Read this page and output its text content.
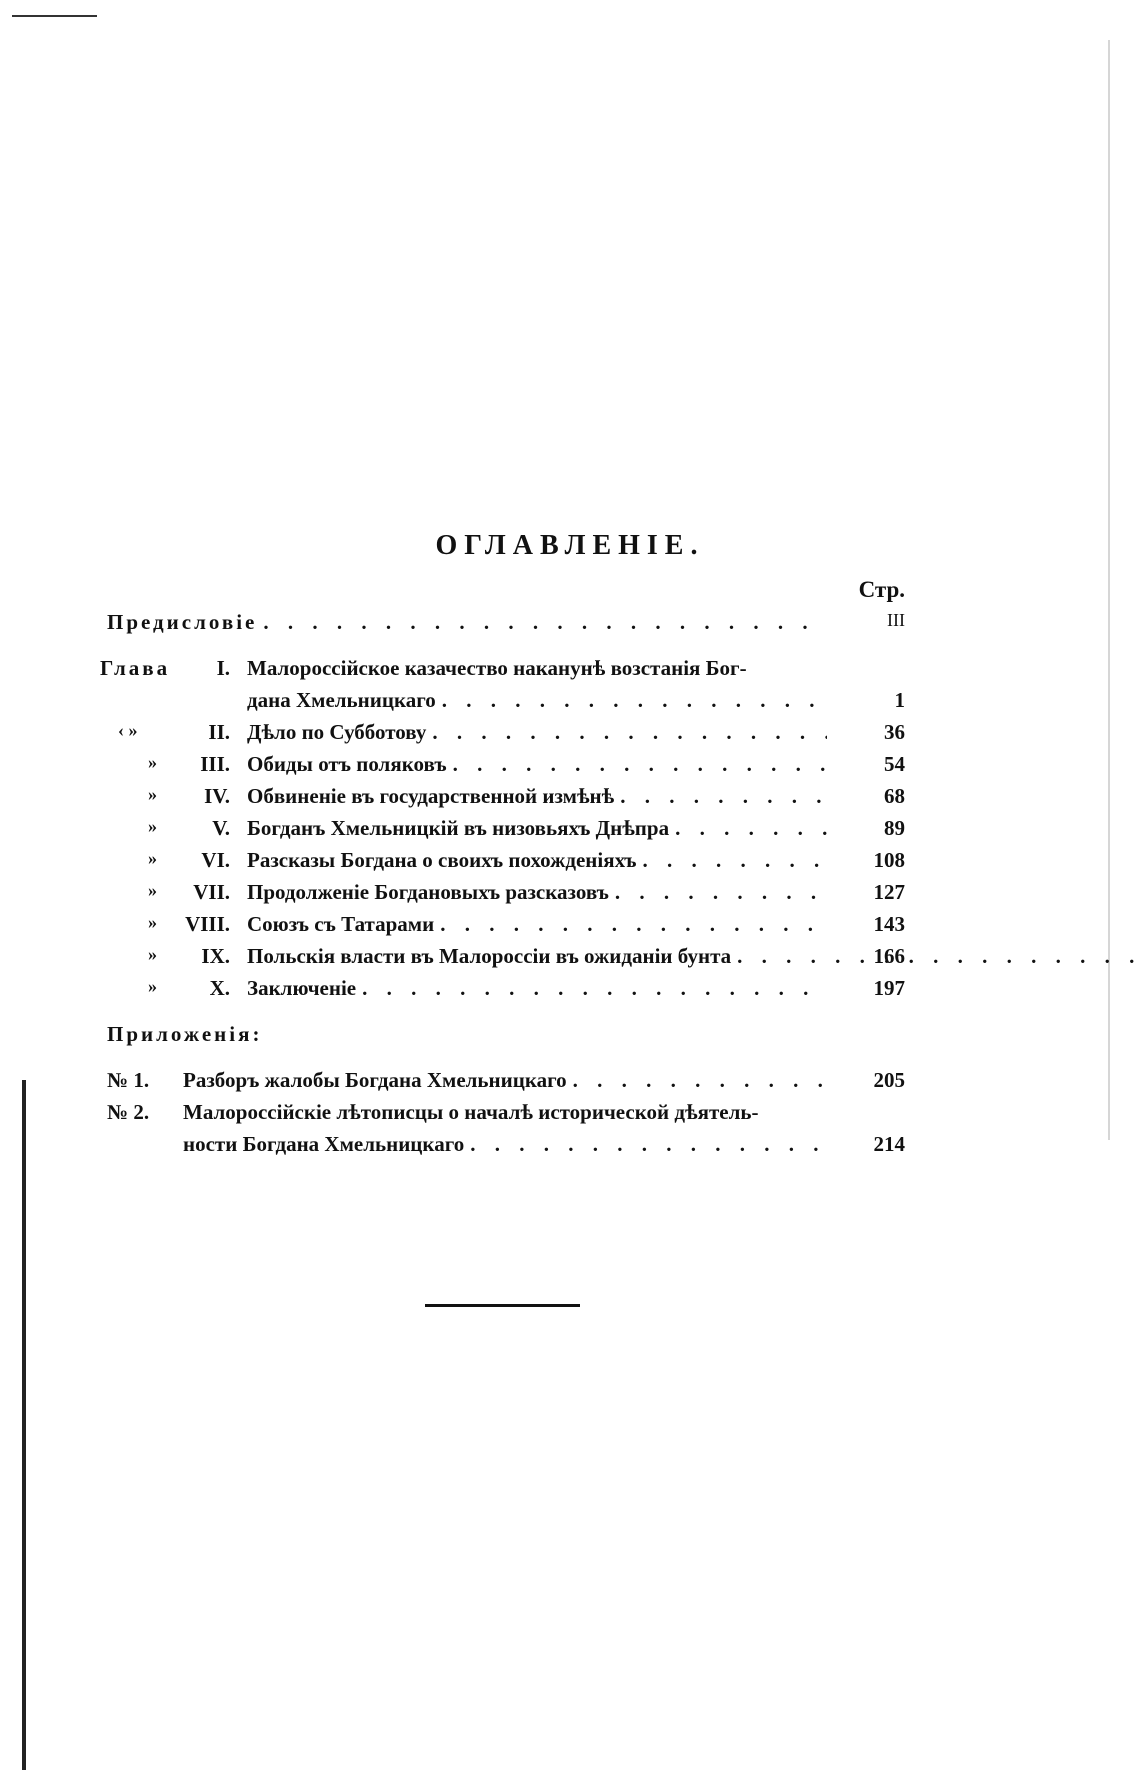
ОГЛАВЛЕНІЕ.
Стр.
Предисловіе . . .	III
Глава	I. Малороссійское казачество наканунѣ возстанія Бог-
дана Хмельницкаго . . .	1
‹ »	II. Дѣло по Субботову . . .	36
»	III. Обиды отъ поляковъ . . .	54
»	IV. Обвиненіе въ государственной измѣнѣ . . .	68
»	V. Богданъ Хмельницкій въ низовьяхъ Днѣпра . . .	89
»	VI. Разсказы Богдана о своихъ похожденіяхъ . . .	108
»	VII. Продолженіе Богдановыхъ разсказовъ . . .	127
»	VIII. Союзъ съ Татарами . . .	143
»	IX. Польскія власти въ Малороссіи въ ожиданіи бунта . . .	166
»	X. Заключеніе . . .	197
Приложенія:
№ 1. Разборъ жалобы Богдана Хмельницкаго . . .	205
№ 2. Малороссійскіе лѣтописцы о началѣ исторической дѣятель-
ности Богдана Хмельницкаго . . .	214
